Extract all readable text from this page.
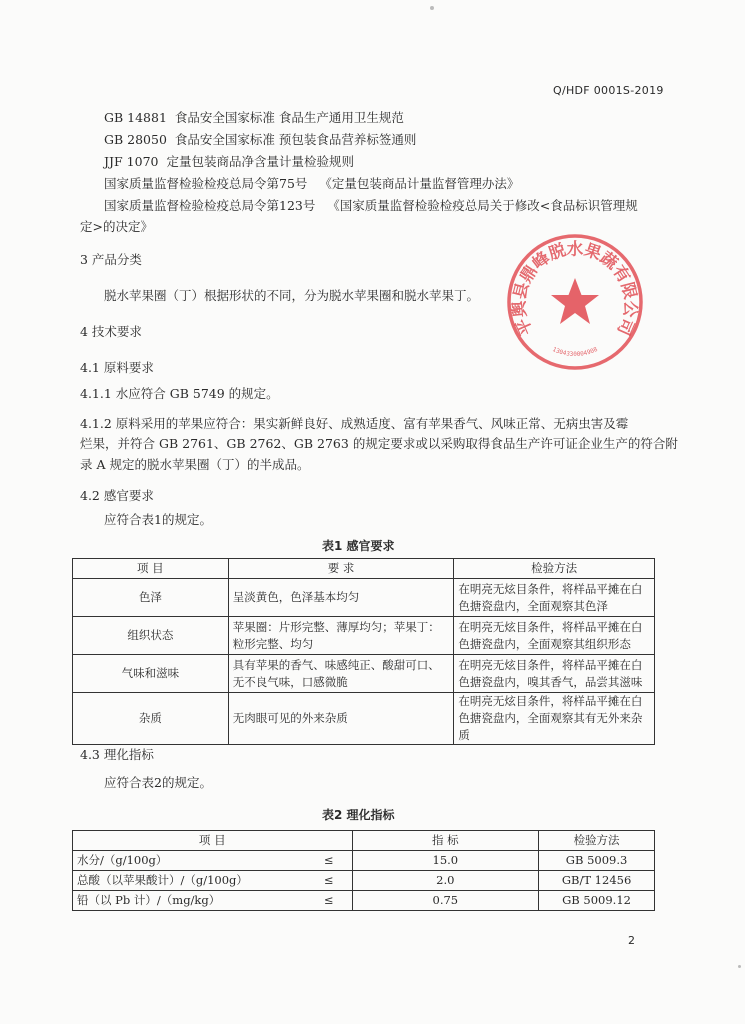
Q/HDF 0001S-2019
GB 14881 食品安全国家标准 食品生产通用卫生规范
GB 28050 食品安全国家标准 预包装食品营养标签通则
JJF 1070 定量包装商品净含量计量检验规则
国家质量监督检验检疫总局令第75号 《定量包装商品计量监督管理办法》
国家质量监督检验检疫总局令第123号 《国家质量监督检验检疫总局关于修改<食品标识管理规
定>的决定》
3 产品分类
脱水苹果圈（丁）根据形状的不同，分为脱水苹果圈和脱水苹果丁。
4 技术要求
4.1 原料要求
4.1.1 水应符合 GB 5749 的规定。
4.1.2 原料采用的苹果应符合：果实新鲜良好、成熟适度、富有苹果香气、风味正常、无病虫害及霉
烂果，并符合 GB 2761、GB 2762、GB 2763 的规定要求或以采购取得食品生产许可证企业生产的符合附
录 A 规定的脱水苹果圈（丁）的半成品。
4.2 感官要求
应符合表1的规定。
表1 感官要求
项 目	要 求	检验方法
色泽	呈淡黄色，色泽基本均匀	在明亮无炫目条件，将样品平摊在白色搪瓷盘内，全面观察其色泽
组织状态	苹果圈：片形完整、薄厚均匀；苹果丁：粒形完整、均匀	在明亮无炫目条件，将样品平摊在白色搪瓷盘内，全面观察其组织形态
气味和滋味	具有苹果的香气、味感纯正、酸甜可口、无不良气味，口感微脆	在明亮无炫目条件，将样品平摊在白色搪瓷盘内，嗅其香气，品尝其滋味
杂质	无肉眼可见的外来杂质	在明亮无炫目条件，将样品平摊在白色搪瓷盘内，全面观察其有无外来杂质
4.3 理化指标
应符合表2的规定。
表2 理化指标
项 目	指 标	检验方法
水分/（g/100g） ≤	15.0	GB 5009.3
总酸（以苹果酸计）/（g/100g） ≤	2.0	GB/T 12456
铅（以 Pb 计）/（mg/kg） ≤	0.75	GB 5009.12
平舆县鼎峰脱水果蔬有限公司
1304330004908
2
